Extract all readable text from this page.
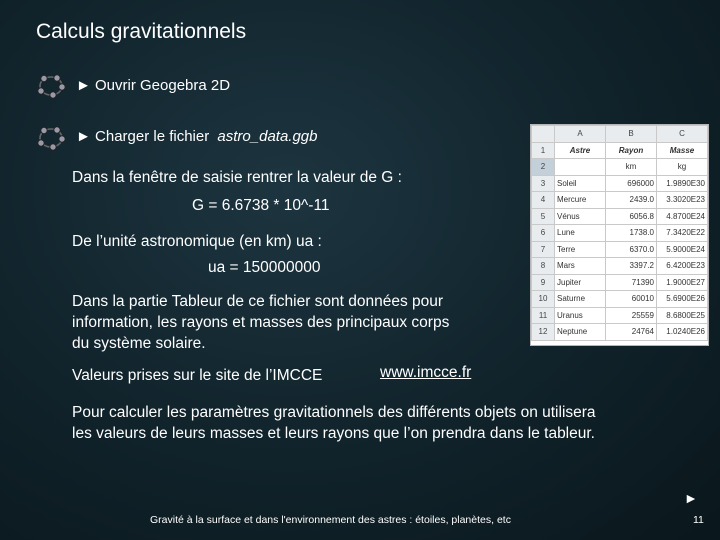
Calculs gravitationnels
► Ouvrir Geogebra 2D
► Charger le fichier astro_data.ggb
Dans la fenêtre de saisie rentrer la valeur de G :
G = 6.6738 * 10^-11
De l’unité astronomique (en km) ua :
ua = 150000000
Dans la partie Tableur de ce fichier sont données pour
information, les rayons et masses des principaux corps
du système solaire.
Valeurs prises sur le site de l’IMCCE	www.imcce.fr
Pour calculer les paramètres gravitationnels des différents objets on utilisera
les valeurs de leurs masses et leurs rayons que l’on prendra dans le tableur.
	A	B	C
1	Astre	Rayon	Masse
2		km	kg
3	Soleil	696000	1.9890E30
4	Mercure	2439.0	3.3020E23
5	Vénus	6056.8	4.8700E24
6	Lune	1738.0	7.3420E22
7	Terre	6370.0	5.9000E24
8	Mars	3397.2	6.4200E23
9	Jupiter	71390	1.9000E27
10	Saturne	60010	5.6900E26
11	Uranus	25559	8.6800E25
12	Neptune	24764	1.0240E26
►
Gravité à la surface et dans l'environnement des astres : étoiles, planètes, etc	11
